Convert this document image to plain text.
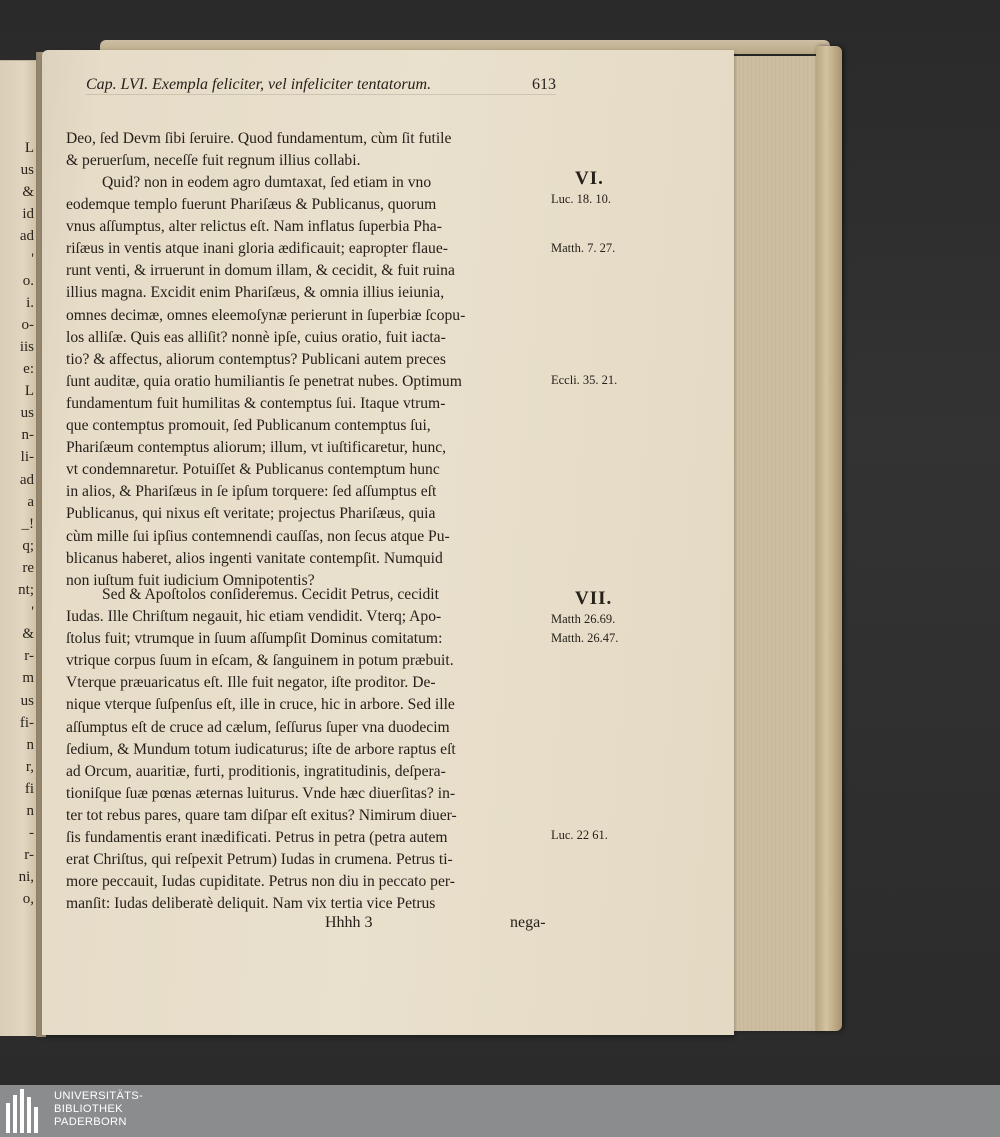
L
us
&
id
ad
'
o.
i.
o-
iis
e:
L
us
n-
li-
ad
a
_!
q;
re
nt;
'
&
r-
m
us
fi-
n
r,
fi
n
-
r-
ni,
o,
Cap. LVI. Exempla feliciter, vel infeliciter tentatorum.	613
Deo, ſed Devm ſibi ſeruire. Quod fundamentum, cùm ſit futile
& peruerſum, neceſſe fuit regnum illius collabi.
Quid? non in eodem agro dumtaxat, ſed etiam in vno
eodemque templo fuerunt Phariſæus & Publicanus, quorum
vnus aſſumptus, alter relictus eſt. Nam inflatus ſuperbia Pha-
riſæus in ventis atque inani gloria ædificauit; eapropter flaue-
runt venti, & irruerunt in domum illam, & cecidit, & fuit ruina
illius magna. Excidit enim Phariſæus, & omnia illius ieiunia,
omnes decimæ, omnes eleemoſynæ perierunt in ſuperbiæ ſcopu-
los alliſæ. Quis eas alliſit? nonnè ipſe, cuius oratio, fuit iacta-
tio? & affectus, aliorum contemptus? Publicani autem preces
ſunt auditæ, quia oratio humiliantis ſe penetrat nubes. Optimum
fundamentum fuit humilitas & contemptus ſui. Itaque vtrum-
que contemptus promouit, ſed Publicanum contemptus ſui,
Phariſæum contemptus aliorum; illum, vt iuſtificaretur, hunc,
vt condemnaretur. Potuiſſet & Publicanus contemptum hunc
in alios, & Phariſæus in ſe ipſum torquere: ſed aſſumptus eſt
Publicanus, qui nixus eſt veritate; projectus Phariſæus, quia
cùm mille ſui ipſius contemnendi cauſſas, non ſecus atque Pu-
blicanus haberet, alios ingenti vanitate contempſit. Numquid
non iuſtum fuit iudicium Omnipotentis?
Sed & Apoſtolos conſideremus. Cecidit Petrus, cecidit
Iudas. Ille Chriſtum negauit, hic etiam vendidit. Vterq; Apo-
ſtolus fuit; vtrumque in ſuum aſſumpſit Dominus comitatum:
vtrique corpus ſuum in eſcam, & ſanguinem in potum præbuit.
Vterque præuaricatus eſt. Ille fuit negator, iſte proditor. De-
nique vterque ſuſpenſus eſt, ille in cruce, hic in arbore. Sed ille
aſſumptus eſt de cruce ad cælum, ſeſſurus ſuper vna duodecim
ſedium, & Mundum totum iudicaturus; iſte de arbore raptus eſt
ad Orcum, auaritiæ, furti, proditionis, ingratitudinis, deſpera-
tioniſque ſuæ pœnas æternas luiturus. Vnde hæc diuerſitas? in-
ter tot rebus pares, quare tam diſpar eſt exitus? Nimirum diuer-
ſis fundamentis erant inædificati. Petrus in petra (petra autem
erat Chriſtus, qui reſpexit Petrum) Iudas in crumena. Petrus ti-
more peccauit, Iudas cupiditate. Petrus non diu in peccato per-
manſit: Iudas deliberatè deliquit. Nam vix tertia vice Petrus
VI.
Luc. 18. 10.
Matth. 7. 27.
Eccli. 35. 21.
VII.
Matth 26.69.
Matth. 26.47.
Luc. 22 61.
Hhhh 3	nega-
UNIVERSITÄTS-
BIBLIOTHEK
PADERBORN
